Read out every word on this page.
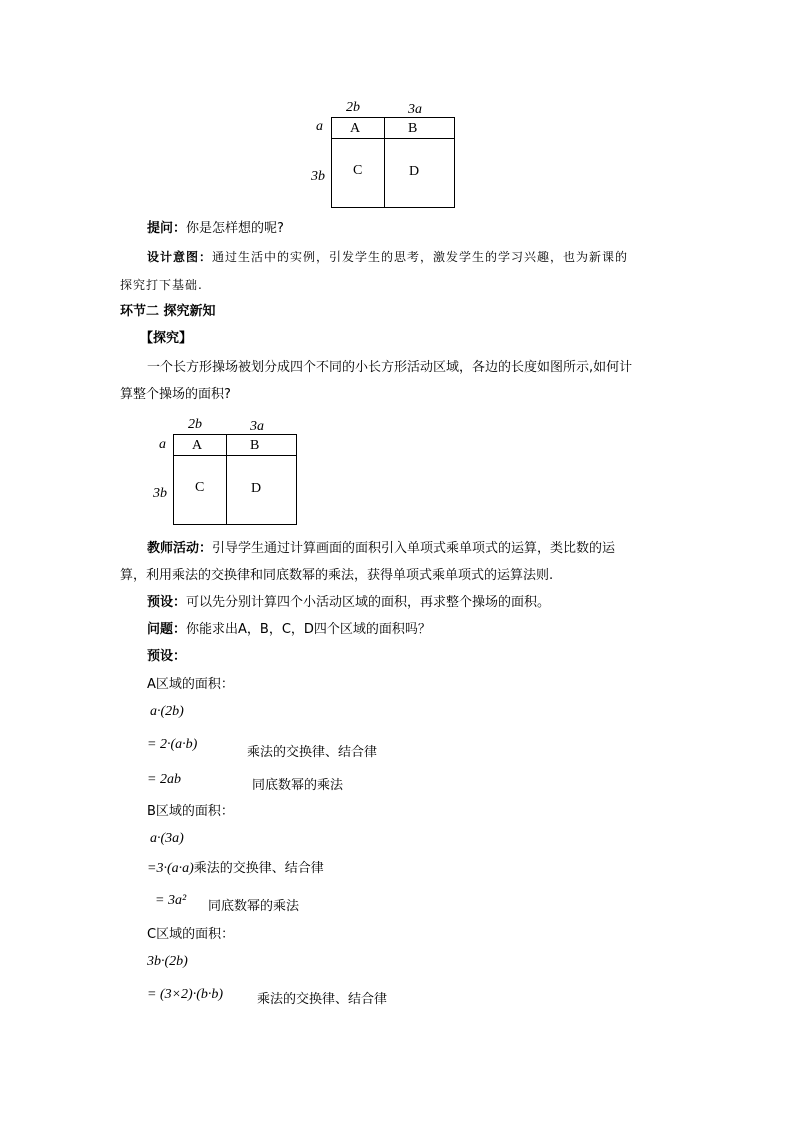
2b	3a
a
3b
A	B
C	D
提问：你是怎样想的呢?
设计意图：通过生活中的实例，引发学生的思考，激发学生的学习兴趣，也为新课的
探究打下基础.
环节二 探究新知
【探究】
一个长方形操场被划分成四个不同的小长方形活动区域，各边的长度如图所示,如何计
算整个操场的面积?
2b	3a
a
3b
A	B
C	D
教师活动：引导学生通过计算画面的面积引入单项式乘单项式的运算，类比数的运
算，利用乘法的交换律和同底数幂的乘法，获得单项式乘单项式的运算法则.
预设：可以先分别计算四个小活动区域的面积，再求整个操场的面积。
问题：你能求出A，B，C，D四个区域的面积吗？
预设：
A区域的面积：
a·(2b)
= 2·(a·b)
乘法的交换律、结合律
= 2ab	同底数幂的乘法
B区域的面积：
a·(3a)
=3·(a·a)乘法的交换律、结合律
= 3a² 同底数幂的乘法
C区域的面积：
3b·(2b)
= (3×2)·(b·b)	乘法的交换律、结合律
